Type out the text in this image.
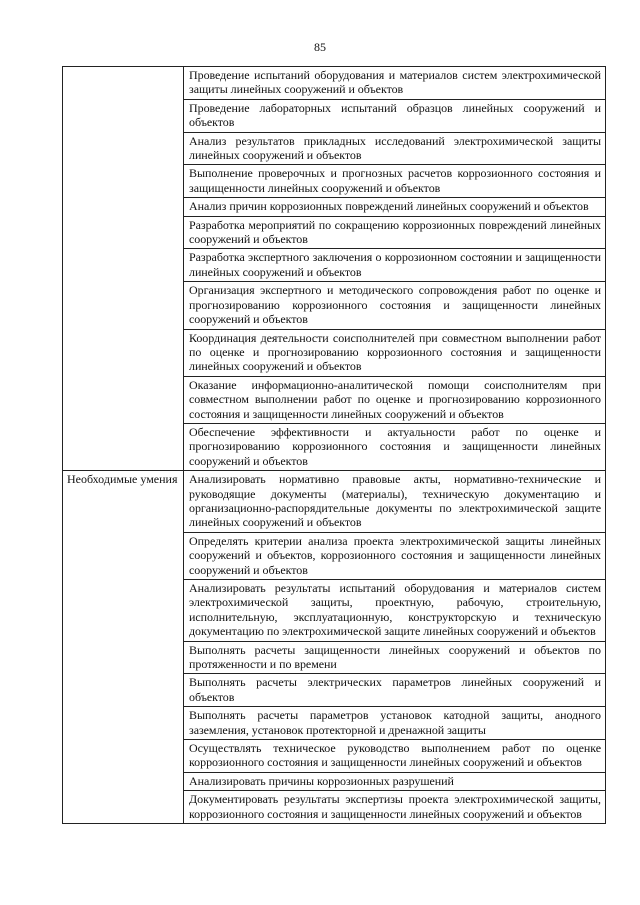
85
Проведение испытаний оборудования и материалов систем электрохимической защиты линейных сооружений и объектов
Проведение лабораторных испытаний образцов линейных сооружений и объектов
Анализ результатов прикладных исследований электрохимической защиты линейных сооружений и объектов
Выполнение проверочных и прогнозных расчетов коррозионного состояния и защищенности линейных сооружений и объектов
Анализ причин коррозионных повреждений линейных сооружений и объектов
Разработка мероприятий по сокращению коррозионных повреждений линейных сооружений и объектов
Разработка экспертного заключения о коррозионном состоянии и защищенности линейных сооружений и объектов
Организация экспертного и методического сопровождения работ по оценке и прогнозированию коррозионного состояния и защищенности линейных сооружений и объектов
Координация деятельности соисполнителей при совместном выполнении работ по оценке и прогнозированию коррозионного состояния и защищенности линейных сооружений и объектов
Оказание информационно-аналитической помощи соисполнителям при совместном выполнении работ по оценке и прогнозированию коррозионного состояния и защищенности линейных сооружений и объектов
Обеспечение эффективности и актуальности работ по оценке и прогнозированию коррозионного состояния и защищенности линейных сооружений и объектов
Необходимые умения Анализировать нормативно правовые акты, нормативно-технические и руководящие документы (материалы), техническую документацию и организационно-распорядительные документы по электрохимической защите линейных сооружений и объектов
Определять критерии анализа проекта электрохимической защиты линейных сооружений и объектов, коррозионного состояния и защищенности линейных сооружений и объектов
Анализировать результаты испытаний оборудования и материалов систем электрохимической защиты, проектную, рабочую, строительную, исполнительную, эксплуатационную, конструкторскую и техническую документацию по электрохимической защите линейных сооружений и объектов
Выполнять расчеты защищенности линейных сооружений и объектов по протяженности и по времени
Выполнять расчеты электрических параметров линейных сооружений и объектов
Выполнять расчеты параметров установок катодной защиты, анодного заземления, установок протекторной и дренажной защиты
Осуществлять техническое руководство выполнением работ по оценке коррозионного состояния и защищенности линейных сооружений и объектов
Анализировать причины коррозионных разрушений
Документировать результаты экспертизы проекта электрохимической защиты, коррозионного состояния и защищенности линейных сооружений и объектов
